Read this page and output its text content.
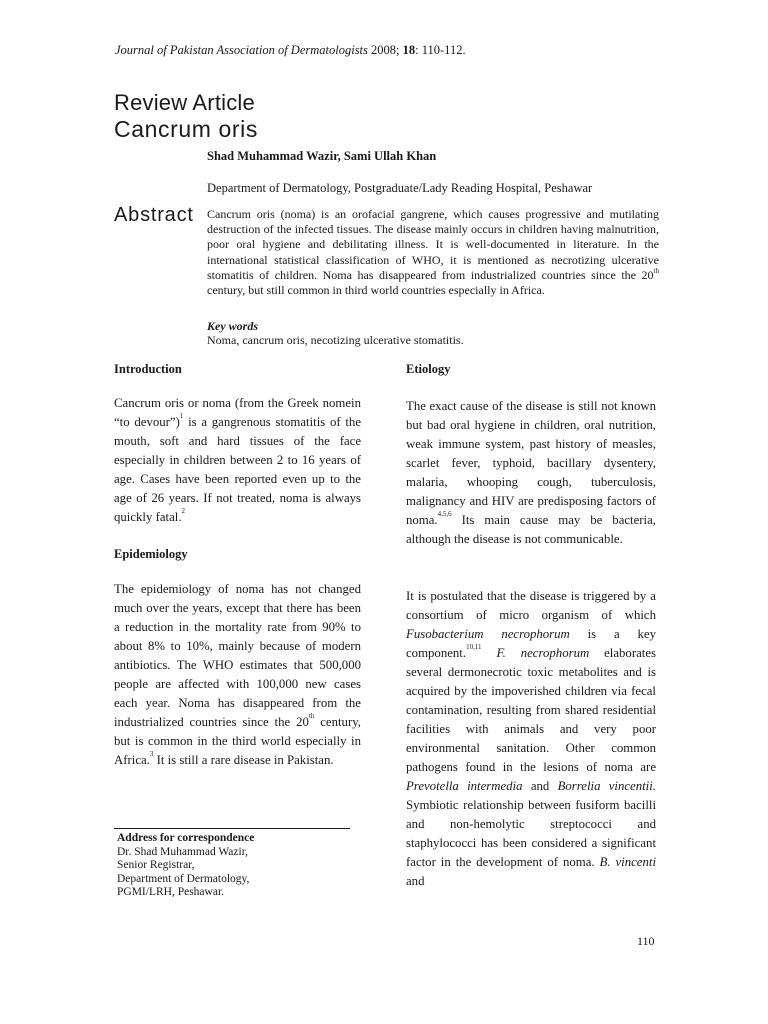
Journal of Pakistan Association of Dermatologists 2008; 18: 110-112.
Review Article
Cancrum oris
Shad Muhammad Wazir, Sami Ullah Khan
Department of Dermatology, Postgraduate/Lady Reading Hospital, Peshawar
Abstract Cancrum oris (noma) is an orofacial gangrene, which causes progressive and mutilating destruction of the infected tissues. The disease mainly occurs in children having malnutrition, poor oral hygiene and debilitating illness. It is well-documented in literature. In the international statistical classification of WHO, it is mentioned as necrotizing ulcerative stomatitis of children. Noma has disappeared from industrialized countries since the 20th century, but still common in third world countries especially in Africa.
Key words
Noma, cancrum oris, necotizing ulcerative stomatitis.
Introduction
Cancrum oris or noma (from the Greek nomein “to devour”)$^1$ is a gangrenous stomatitis of the mouth, soft and hard tissues of the face especially in children between 2 to 16 years of age. Cases have been reported even up to the age of 26 years. If not treated, noma is always quickly fatal.$^2$
Epidemiology
The epidemiology of noma has not changed much over the years, except that there has been a reduction in the mortality rate from 90% to about 8% to 10%, mainly because of modern antibiotics. The WHO estimates that 500,000 people are affected with 100,000 new cases each year. Noma has disappeared from the industrialized countries since the 20th century, but is common in the third world especially in Africa.$^3$ It is still a rare disease in Pakistan.
Address for correspondence
Dr. Shad Muhammad Wazir,
Senior Registrar,
Department of Dermatology,
PGMI/LRH, Peshawar.
Etiology
The exact cause of the disease is still not known but bad oral hygiene in children, oral nutrition, weak immune system, past history of measles, scarlet fever, typhoid, bacillary dysentery, malaria, whooping cough, tuberculosis, malignancy and HIV are predisposing factors of noma.$^{4,5,6}$ Its main cause may be bacteria, although the disease is not communicable.
It is postulated that the disease is triggered by a consortium of micro organism of which Fusobacterium necrophorum is a key component.$^{10,11}$ F. necrophorum elaborates several dermonecrotic toxic metabolites and is acquired by the impoverished children via fecal contamination, resulting from shared residential facilities with animals and very poor environmental sanitation. Other common pathogens found in the lesions of noma are Prevotella intermedia and Borrelia vincentii. Symbiotic relationship between fusiform bacilli and non-hemolytic streptococci and staphylococci has been considered a significant factor in the development of noma. B. vincenti and
110
